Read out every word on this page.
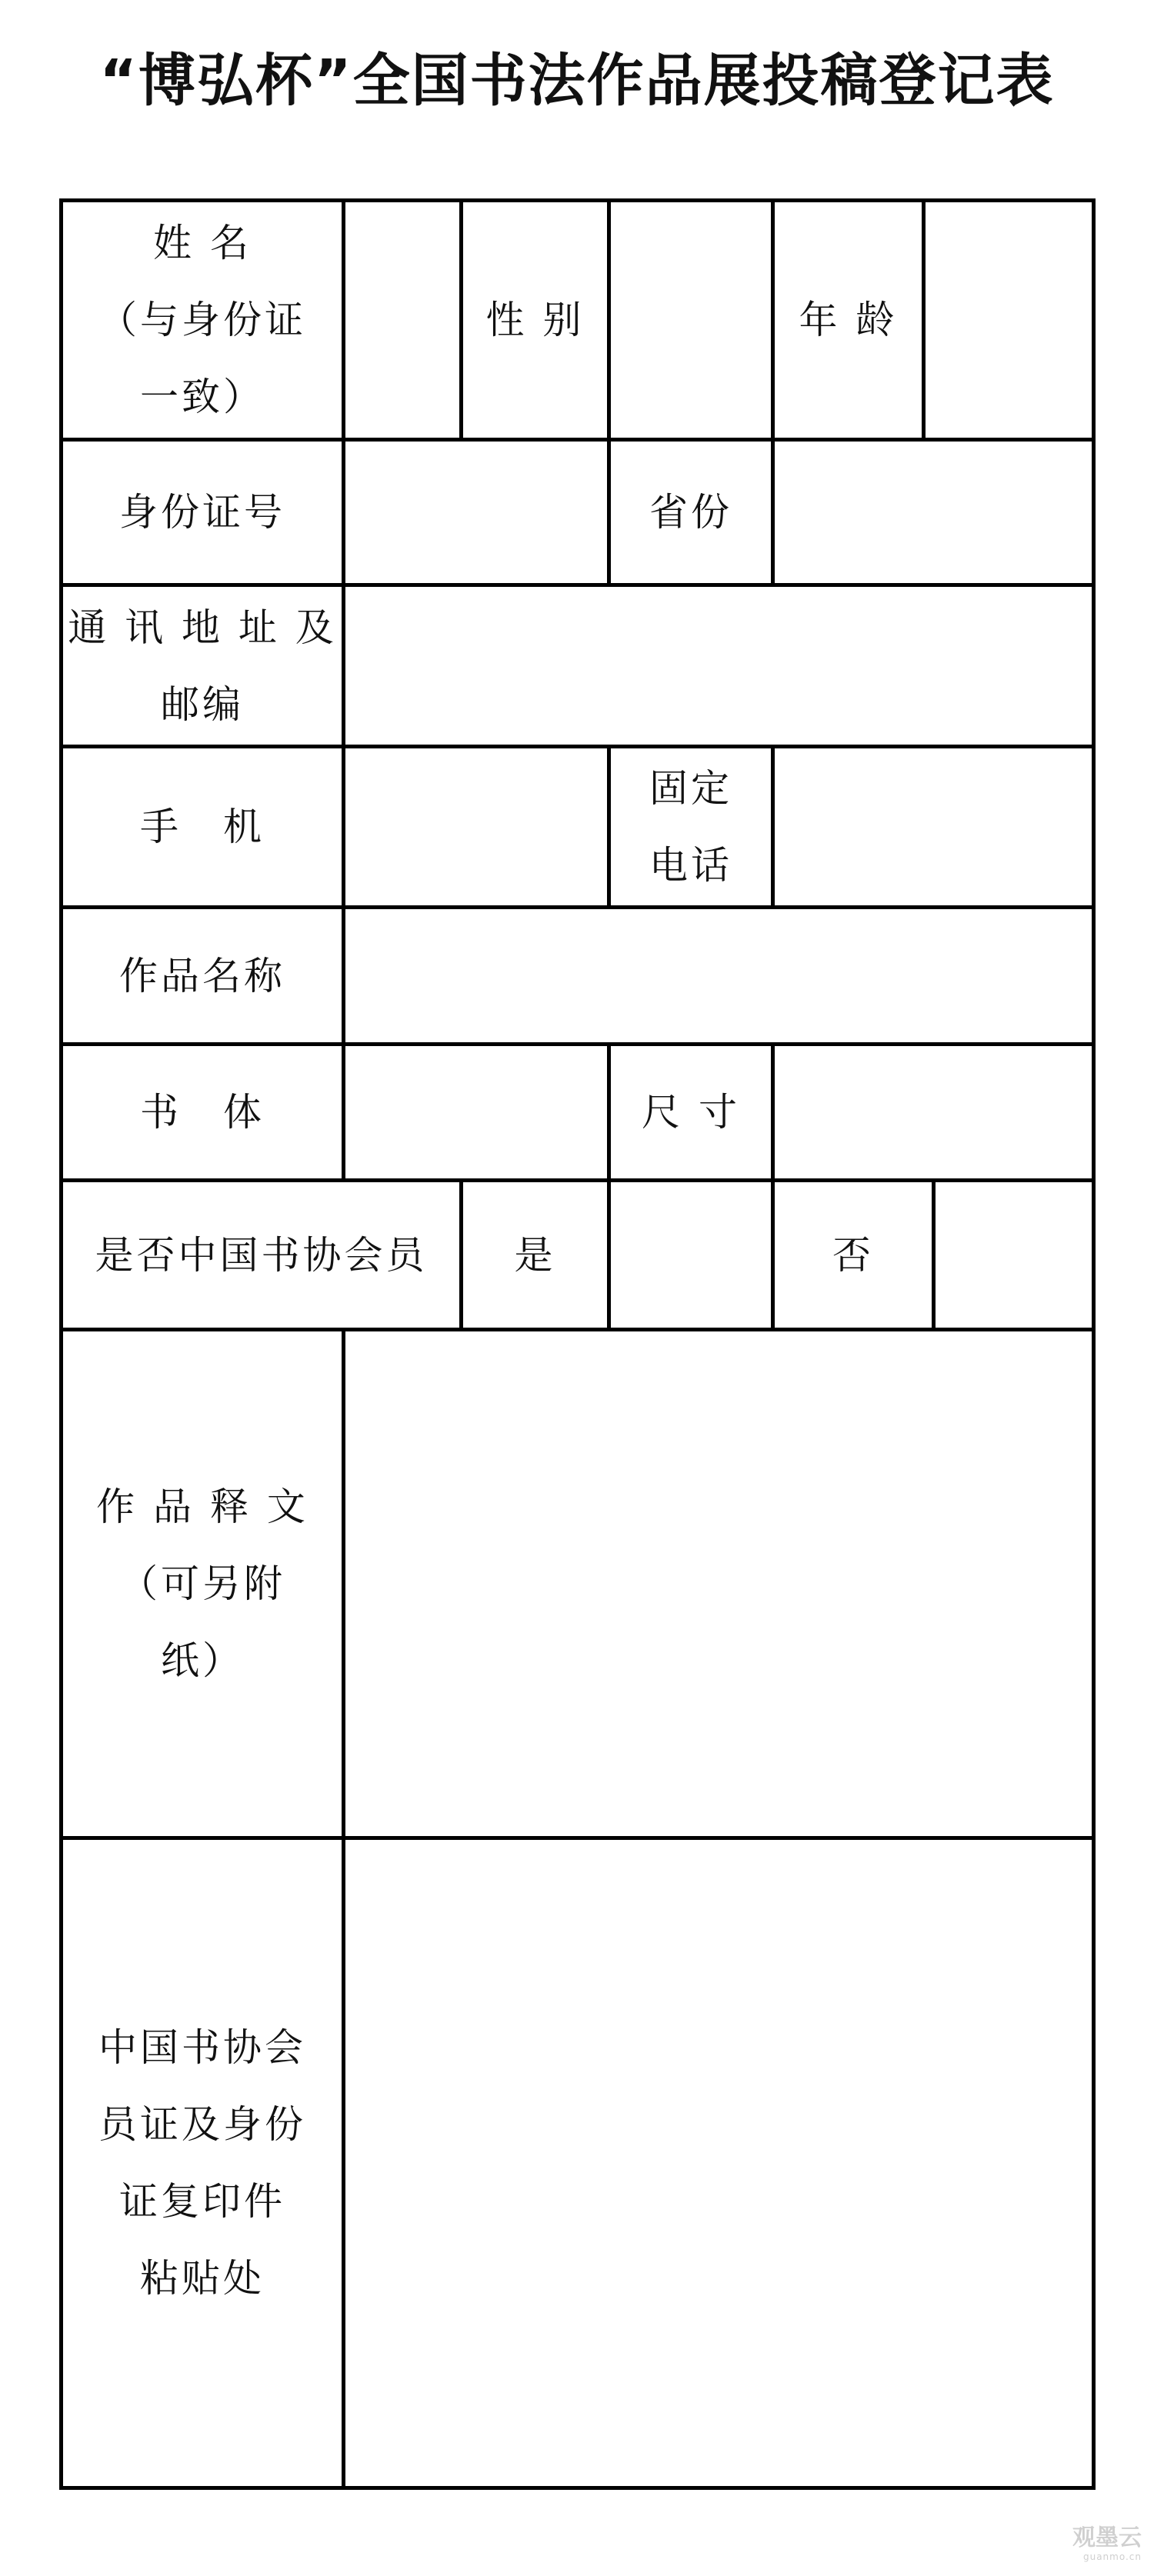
“博弘杯”全国书法作品展投稿登记表
姓 名
（与身份证
一致）		性 别		年 龄		
身份证号			省份			

通 讯 地 址 及
邮编						

手　机			固定
电话			

作品名称						
书　体			尺 寸			
是否中国书协会员		是		否		

作 品 释 文
（可另附
纸）						

中国书协会
员证及身份
证复印件
粘贴处						

观墨云
guanmo.cn
